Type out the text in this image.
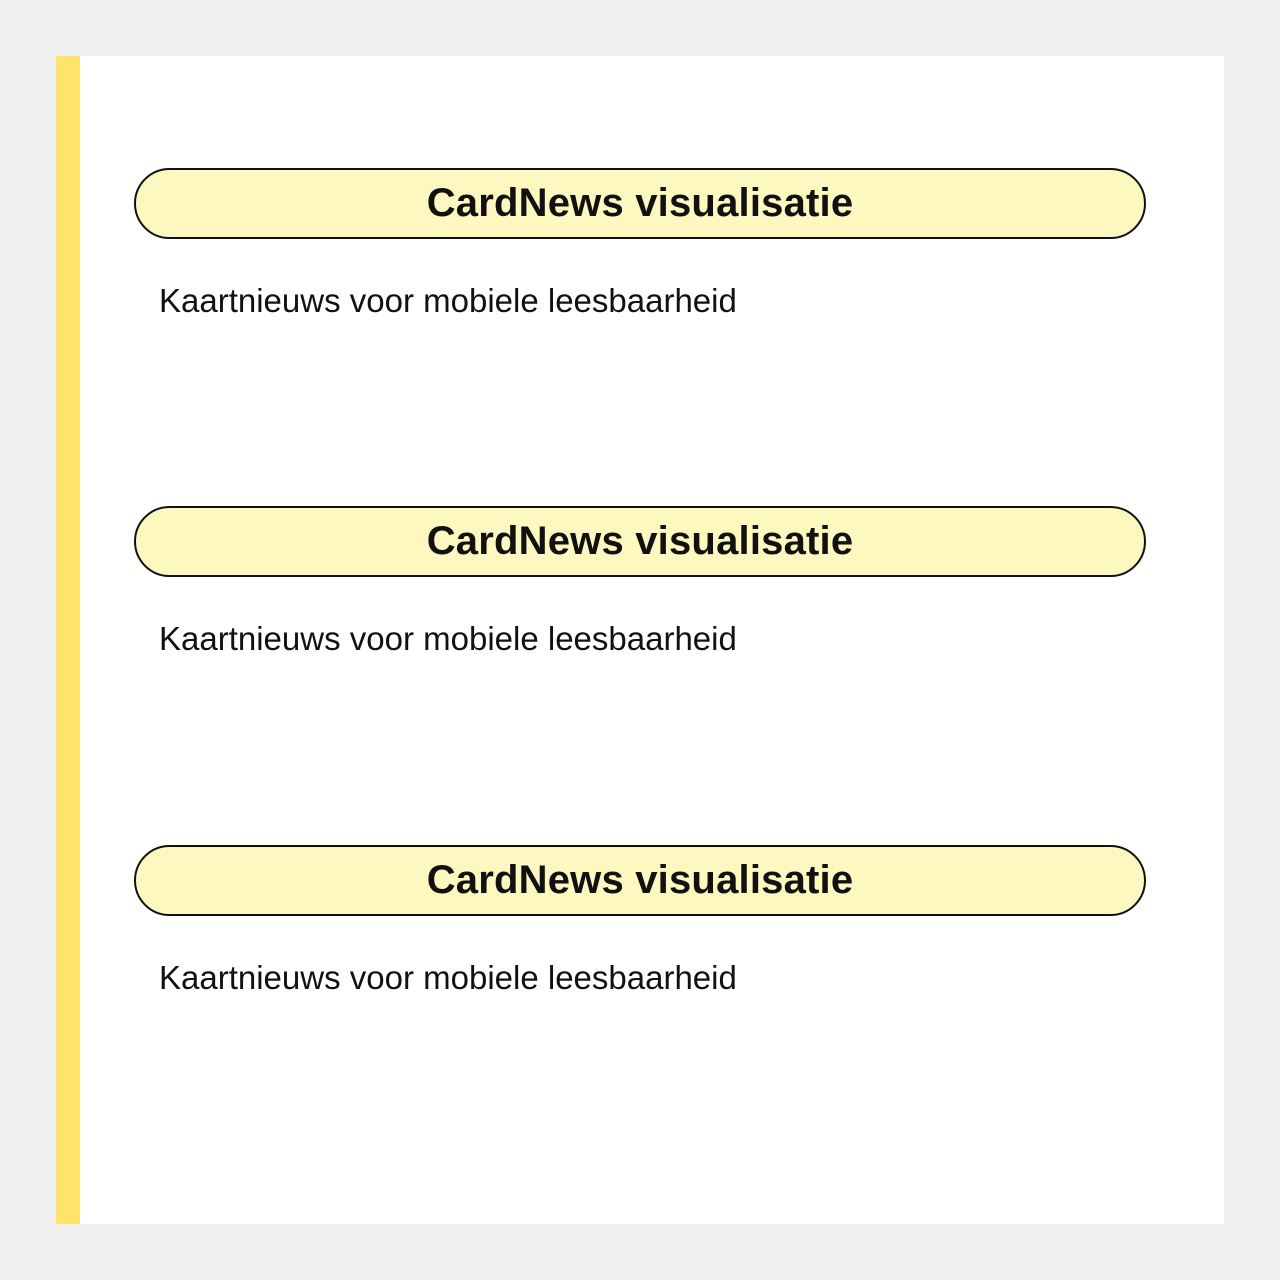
CardNews visualisatie
Kaartnieuws voor mobiele leesbaarheid
CardNews visualisatie
Kaartnieuws voor mobiele leesbaarheid
CardNews visualisatie
Kaartnieuws voor mobiele leesbaarheid
